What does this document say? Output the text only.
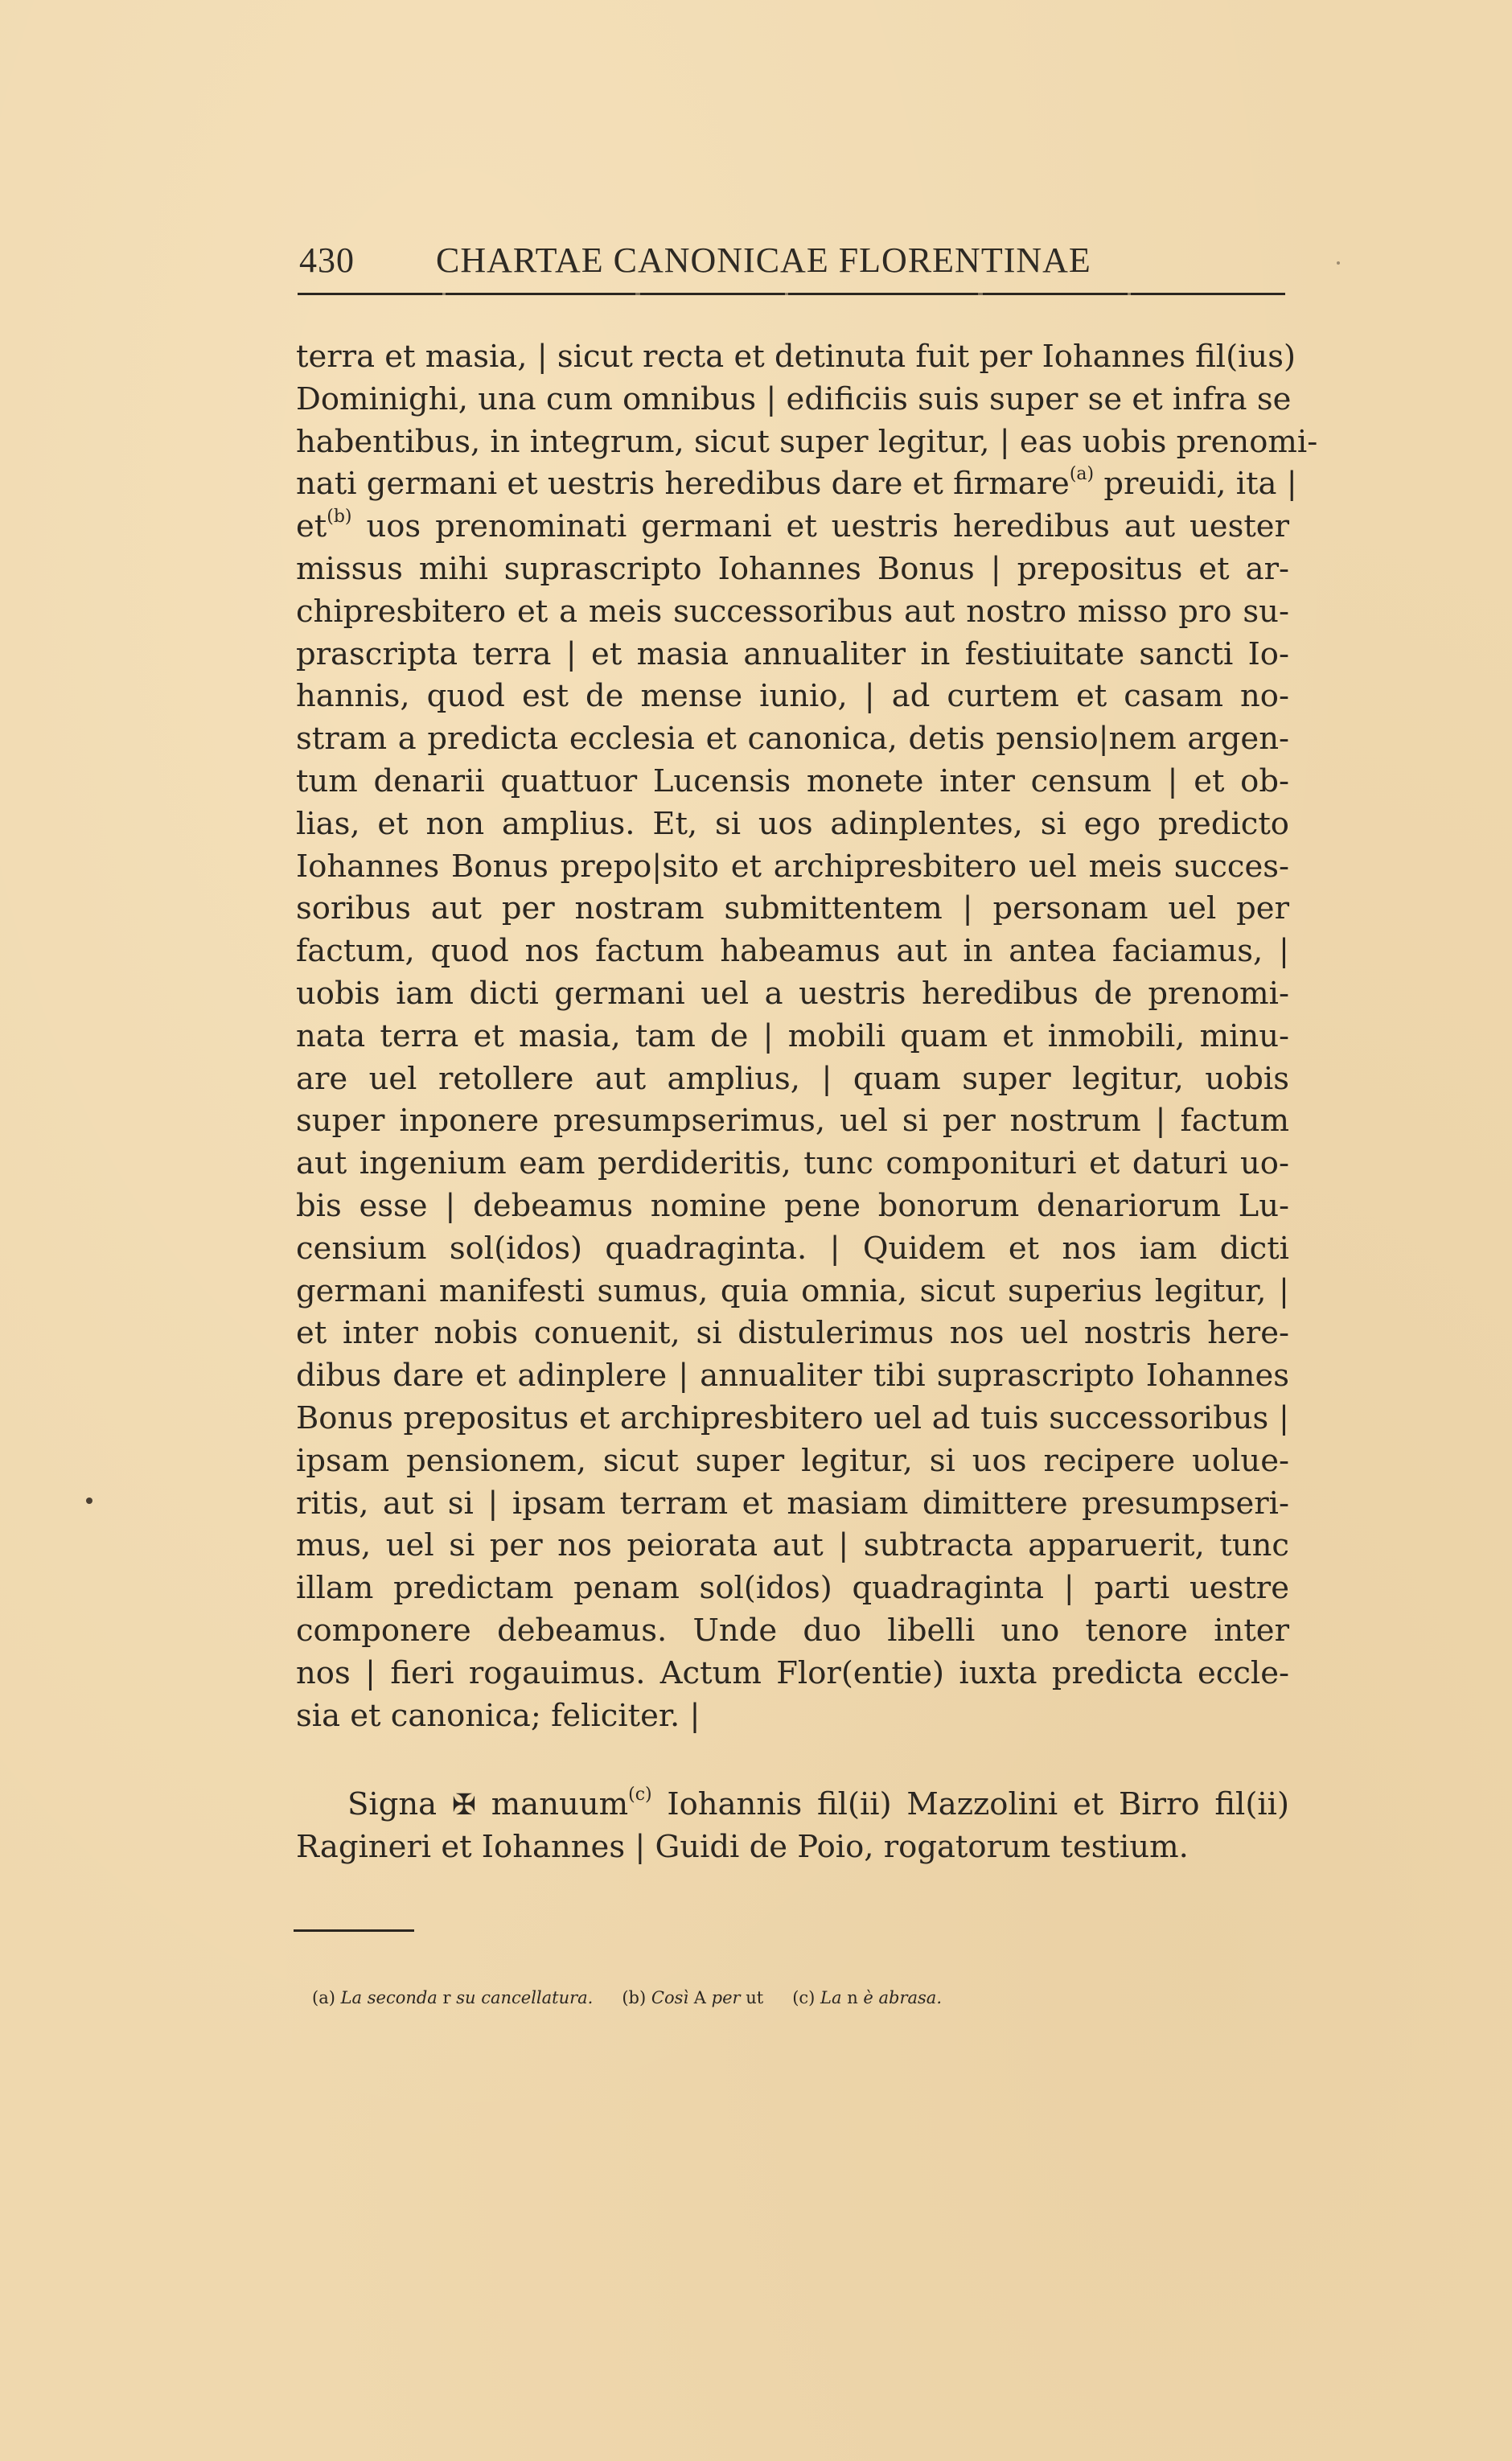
430 CHARTAE CANONICAE FLORENTINAE
terra et masia, | sicut recta et detinuta fuit per Iohannes fil(ius)
Dominighi, una cum omnibus | edificiis suis super se et infra se
habentibus, in integrum, sicut super legitur, | eas uobis prenomi-
nati germani et uestris heredibus dare et firmare$^{(a)}$ preuidi, ita |
$et^{(b)}$ uos prenominati germani et uestris heredibus aut uester
missus mihi suprascripto Iohannes Bonus | prepositus et ar-
chipresbitero et a meis successoribus aut nostro misso pro su-
prascripta terra | et masia annualiter in festiuitate sancti Io-
hannis, quod est de mense iunio, | ad curtem et casam no-
stram a predicta ecclesia et canonica, detis pensio|nem argen-
tum denarii quattuor Lucensis monete inter censum | et ob-
lias, et non amplius. Et, si uos adinplentes, si ego predicto
Iohannes Bonus prepo|sito et archipresbitero uel meis succes-
soribus aut per nostram submittentem | personam uel per
factum, quod nos factum habeamus aut in antea faciamus, |
uobis iam dicti germani uel a uestris heredibus de prenomi-
nata terra et masia, tam de | mobili quam et inmobili, minu-
are uel retollere aut amplius, | quam super legitur, uobis
super inponere presumpserimus, uel si per nostrum | factum
aut ingenium eam perdideritis, tunc componituri et daturi uo-
bis esse | debeamus nomine pene bonorum denariorum Lu-
censium sol(idos) quadraginta. | Quidem et nos iam dicti
germani manifesti sumus, quia omnia, sicut superius legitur, |
et inter nobis conuenit, si distulerimus nos uel nostris here-
dibus dare et adinplere | annualiter tibi suprascripto Iohannes
Bonus prepositus et archipresbitero uel ad tuis successoribus |
ipsam pensionem, sicut super legitur, si uos recipere uolue-
ritis, aut si | ipsam terram et masiam dimittere presumpseri-
mus, uel si per nos peiorata aut | subtracta apparuerit, tunc
illam predictam penam sol(idos) quadraginta | parti uestre
componere debeamus. Unde duo libelli uno tenore inter
nos | fieri rogauimus. Actum Flor(entie) iuxta predicta eccle-
sia et canonica; feliciter. |
Signa ✠ manuum$^{(c)}$ Iohannis fil(ii) Mazzolini et Birro fil(ii)
Ragineri et Iohannes | Guidi de Poio, rogatorum testium.
(a) La seconda r su cancellatura. (b) Così A per ut (c) La n è abrasa.
